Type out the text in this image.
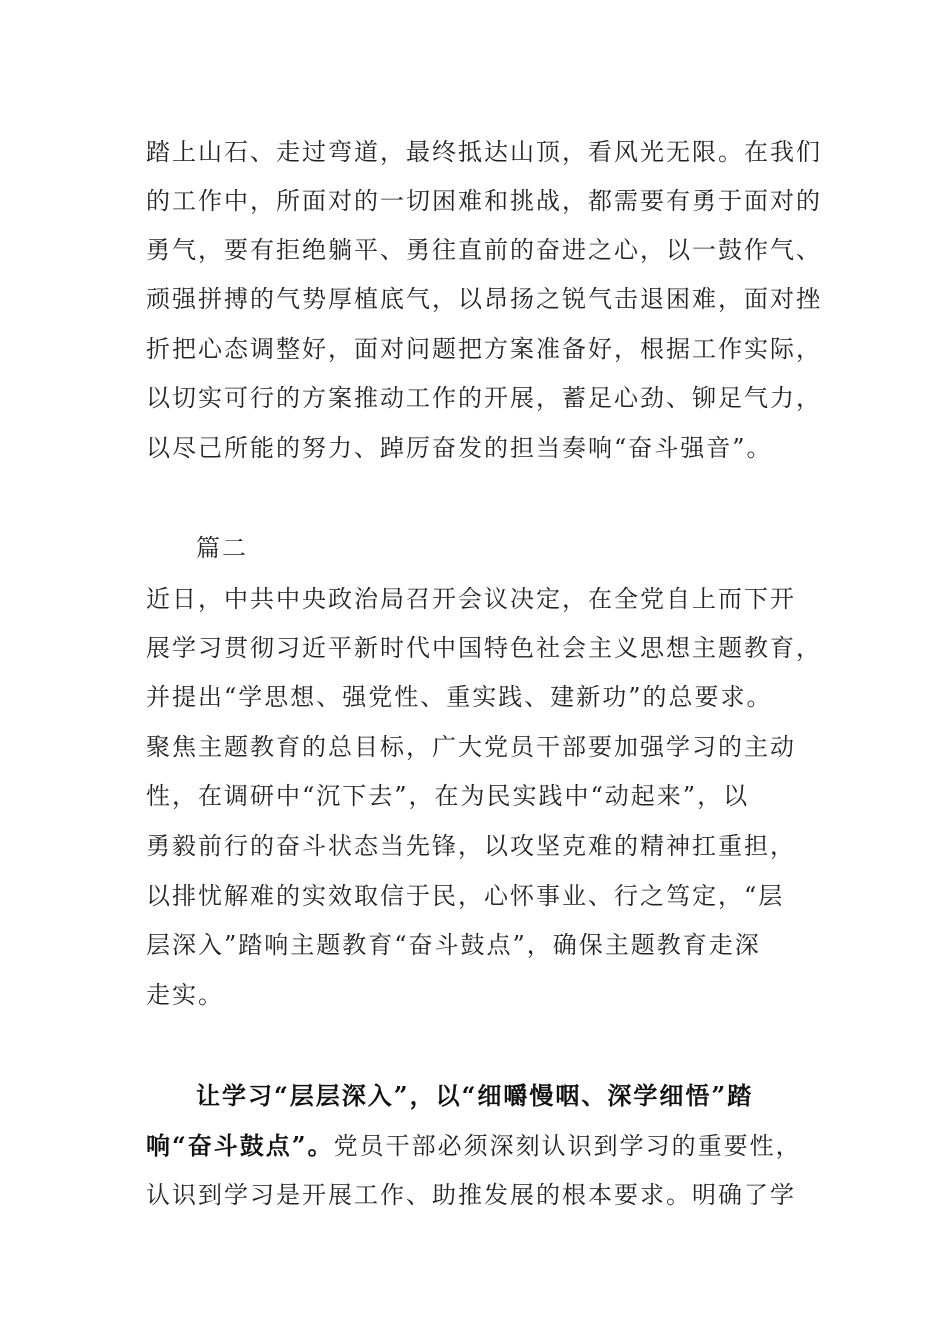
踏上山石、走过弯道，最终抵达山顶，看风光无限。在我们
的工作中，所面对的一切困难和挑战，都需要有勇于面对的
勇气，要有拒绝躺平、勇往直前的奋进之心，以一鼓作气、
顽强拼搏的气势厚植底气，以昂扬之锐气击退困难，面对挫
折把心态调整好，面对问题把方案准备好，根据工作实际，
以切实可行的方案推动工作的开展，蓄足心劲、铆足气力，
以尽己所能的努力、踔厉奋发的担当奏响“奋斗强音”。
篇二
近日，中共中央政治局召开会议决定，在全党自上而下开
展学习贯彻习近平新时代中国特色社会主义思想主题教育，
并提出“学思想、强党性、重实践、建新功”的总要求。
聚焦主题教育的总目标，广大党员干部要加强学习的主动
性，在调研中“沉下去”，在为民实践中“动起来”，以
勇毅前行的奋斗状态当先锋，以攻坚克难的精神扛重担，
以排忧解难的实效取信于民，心怀事业、行之笃定，“层
层深入”踏响主题教育“奋斗鼓点”，确保主题教育走深
走实。
让学习“层层深入”，以“细嚼慢咽、深学细悟”踏
响“奋斗鼓点”。党员干部必须深刻认识到学习的重要性，
认识到学习是开展工作、助推发展的根本要求。明确了学
